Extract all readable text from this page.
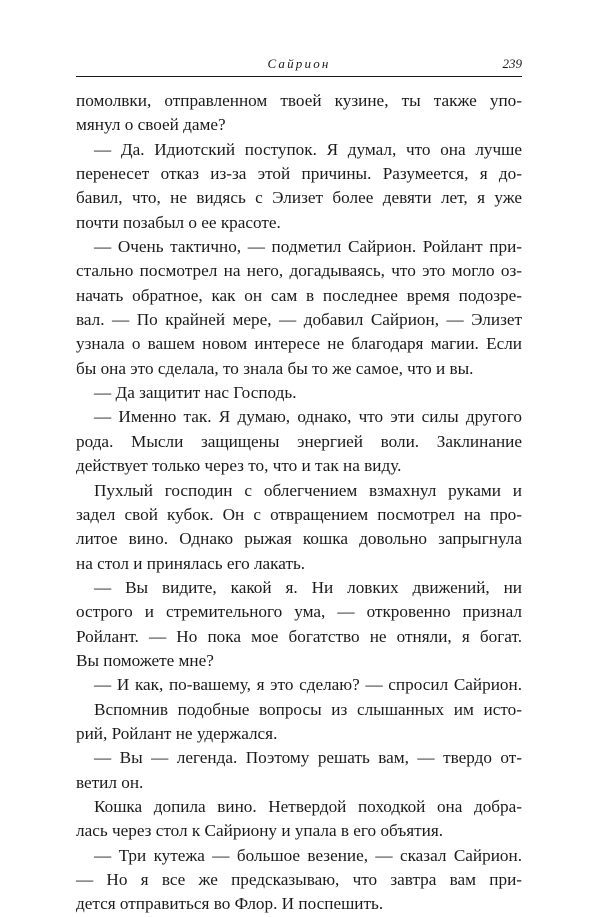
Сайрион	239
помолвки, отправленном твоей кузине, ты также упо-
мянул о своей даме?
— Да. Идиотский поступок. Я думал, что она лучше
перенесет отказ из-за этой причины. Разумеется, я до-
бавил, что, не видясь с Элизет более девяти лет, я уже
почти позабыл о ее красоте.
— Очень тактично, — подметил Сайрион. Ройлант при-
стально посмотрел на него, догадываясь, что это могло оз-
начать обратное, как он сам в последнее время подозре-
вал. — По крайней мере, — добавил Сайрион, — Элизет
узнала о вашем новом интересе не благодаря магии. Если
бы она это сделала, то знала бы то же самое, что и вы.
— Да защитит нас Господь.
— Именно так. Я думаю, однако, что эти силы другого
рода. Мысли защищены энергией воли. Заклинание
действует только через то, что и так на виду.
Пухлый господин с облегчением взмахнул руками и
задел свой кубок. Он с отвращением посмотрел на про-
литое вино. Однако рыжая кошка довольно запрыгнула
на стол и принялась его лакать.
— Вы видите, какой я. Ни ловких движений, ни
острого и стремительного ума, — откровенно признал
Ройлант. — Но пока мое богатство не отняли, я богат.
Вы поможете мне?
— И как, по-вашему, я это сделаю? — спросил Сайрион.
Вспомнив подобные вопросы из слышанных им исто-
рий, Ройлант не удержался.
— Вы — легенда. Поэтому решать вам, — твердо от-
ветил он.
Кошка допила вино. Нетвердой походкой она добра-
лась через стол к Сайриону и упала в его объятия.
— Три кутежа — большое везение, — сказал Сайрион.
— Но я все же предсказываю, что завтра вам при-
дется отправиться во Флор. И поспешить.
